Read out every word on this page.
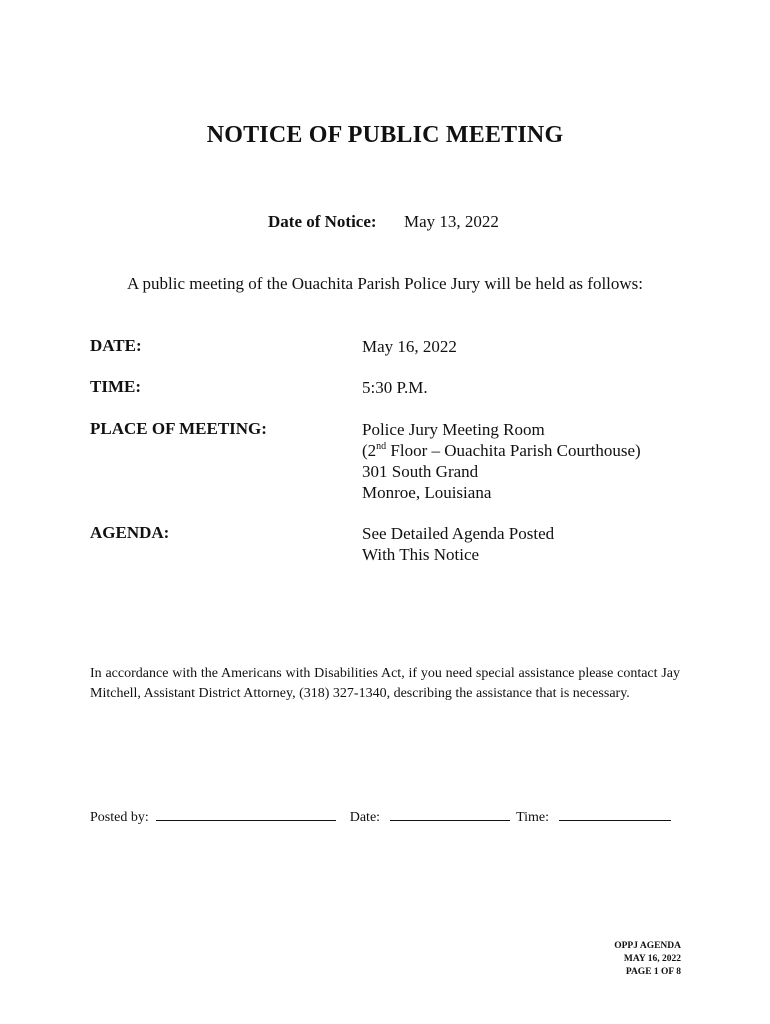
NOTICE OF PUBLIC MEETING
Date of Notice: May 13, 2022
A public meeting of the Ouachita Parish Police Jury will be held as follows:
DATE:	May 16, 2022
TIME:	5:30 P.M.
PLACE OF MEETING:	Police Jury Meeting Room
(2nd Floor – Ouachita Parish Courthouse)
301 South Grand
Monroe, Louisiana
AGENDA:	See Detailed Agenda Posted
With This Notice
In accordance with the Americans with Disabilities Act, if you need special assistance please contact Jay Mitchell, Assistant District Attorney, (318) 327-1340, describing the assistance that is necessary.
Posted by:	Date:	Time:
OPPJ AGENDA
MAY 16, 2022
PAGE 1 OF 8
